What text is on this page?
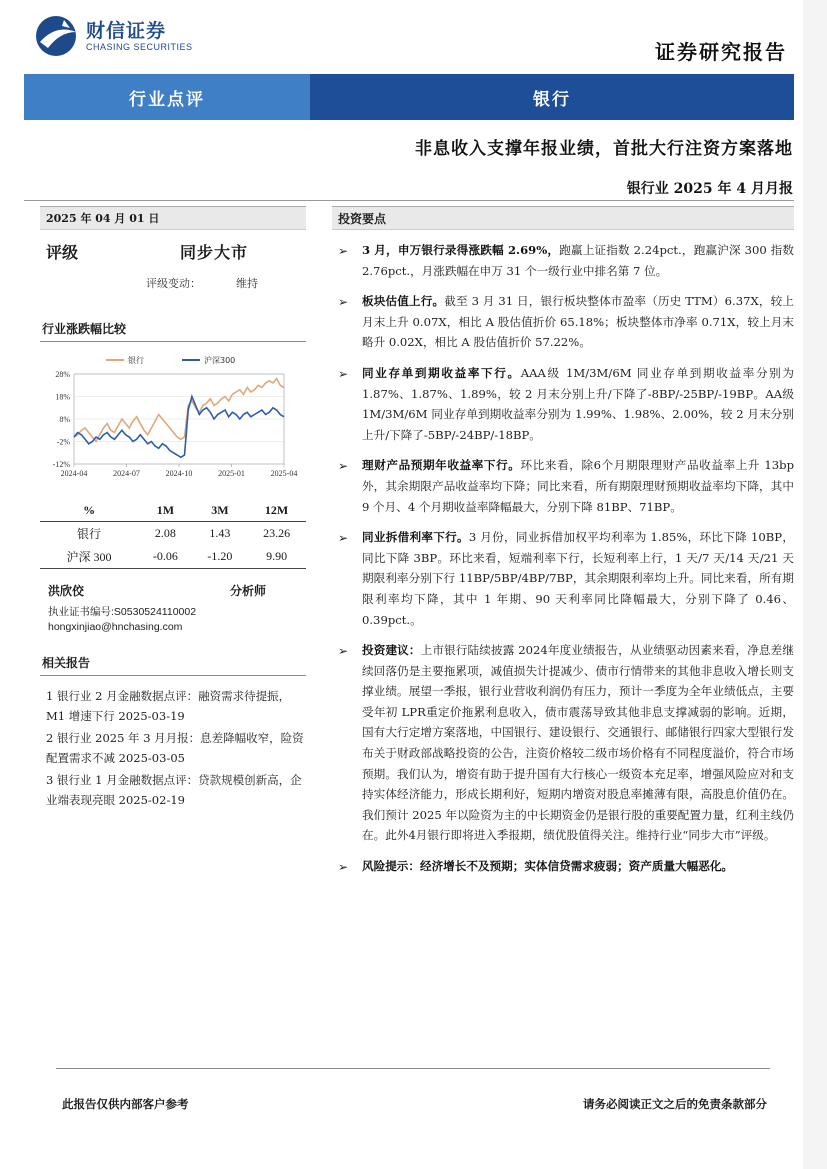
财信证券
CHASING SECURITIES	证券研究报告
行业点评	银行
非息收入支撑年报业绩，首批大行注资方案落地
银行业 2025 年 4 月月报
2025 年 04 月 01 日
评级	同步大市
评级变动：	维持
行业涨跌幅比较
28%
18%
8%
-2%
-12%
2024-04	2024-07	2024-10	2025-01	2025-04
银行	沪深300
%	1M	3M	12M
银行	2.08	1.43	23.26
沪深 300	-0.06	-1.20	9.90
洪欣佼	分析师
执业证书编号:S0530524110002
hongxinjiao@hnchasing.com
相关报告
1 银行业 2 月金融数据点评：融资需求待提振，M1 增速下行 2025-03-19
2 银行业 2025 年 3 月月报：息差降幅收窄，险资配置需求不减 2025-03-05
3 银行业 1 月金融数据点评：贷款规模创新高，企业端表现亮眼 2025-02-19
投资要点
➢ 3 月，申万银行录得涨跌幅 2.69%，跑赢上证指数 2.24pct.，跑赢沪深 300 指数 2.76pct.，月涨跌幅在申万 31 个一级行业中排名第 7 位。
➢ 板块估值上行。截至 3 月 31 日，银行板块整体市盈率（历史 TTM）6.37X，较上月末上升 0.07X，相比 A 股估值折价 65.18%；板块整体市净率 0.71X，较上月末略升 0.02X，相比 A 股估值折价 57.22%。
➢ 同业存单到期收益率下行。AAA级 1M/3M/6M 同业存单到期收益率分别为 1.87%、1.87%、1.89%，较 2 月末分别上升/下降了-8BP/-25BP/-19BP。AA级 1M/3M/6M 同业存单到期收益率分别为 1.99%、1.98%、2.00%，较 2 月末分别上升/下降了-5BP/-24BP/-18BP。
➢ 理财产品预期年收益率下行。环比来看，除6个月期限理财产品收益率上升 13bp 外，其余期限产品收益率均下降；同比来看，所有期限理财预期收益率均下降，其中 9 个月、4 个月期收益率降幅最大，分别下降 81BP、71BP。
➢ 同业拆借利率下行。3 月份，同业拆借加权平均利率为 1.85%，环比下降 10BP，同比下降 3BP。环比来看，短端利率下行，长短利率上行，1 天/7 天/14 天/21 天期限利率分别下行 11BP/5BP/4BP/7BP，其余期限利率均上升。同比来看，所有期限利率均下降，其中 1 年期、90 天利率同比降幅最大，分别下降了 0.46、0.39pct.。
➢ 投资建议：上市银行陆续披露 2024年度业绩报告，从业绩驱动因素来看，净息差继续回落仍是主要拖累项，减值损失计提减少、债市行情带来的其他非息收入增长则支撑业绩。展望一季报，银行业营收利润仍有压力，预计一季度为全年业绩低点，主要受年初 LPR重定价拖累利息收入，债市震荡导致其他非息支撑减弱的影响。近期，国有大行定增方案落地，中国银行、建设银行、交通银行、邮储银行四家大型银行发布关于财政部战略投资的公告，注资价格较二级市场价格有不同程度溢价，符合市场预期。我们认为，增资有助于提升国有大行核心一级资本充足率，增强风险应对和支持实体经济能力，形成长期利好，短期内增资对股息率摊薄有限，高股息价值仍在。我们预计 2025 年以险资为主的中长期资金仍是银行股的重要配置力量，红利主线仍在。此外4月银行即将进入季报期，绩优股值得关注。维持行业“同步大市”评级。
➢ 风险提示：经济增长不及预期；实体信贷需求疲弱；资产质量大幅恶化。
此报告仅供内部客户参考	请务必阅读正文之后的免责条款部分
